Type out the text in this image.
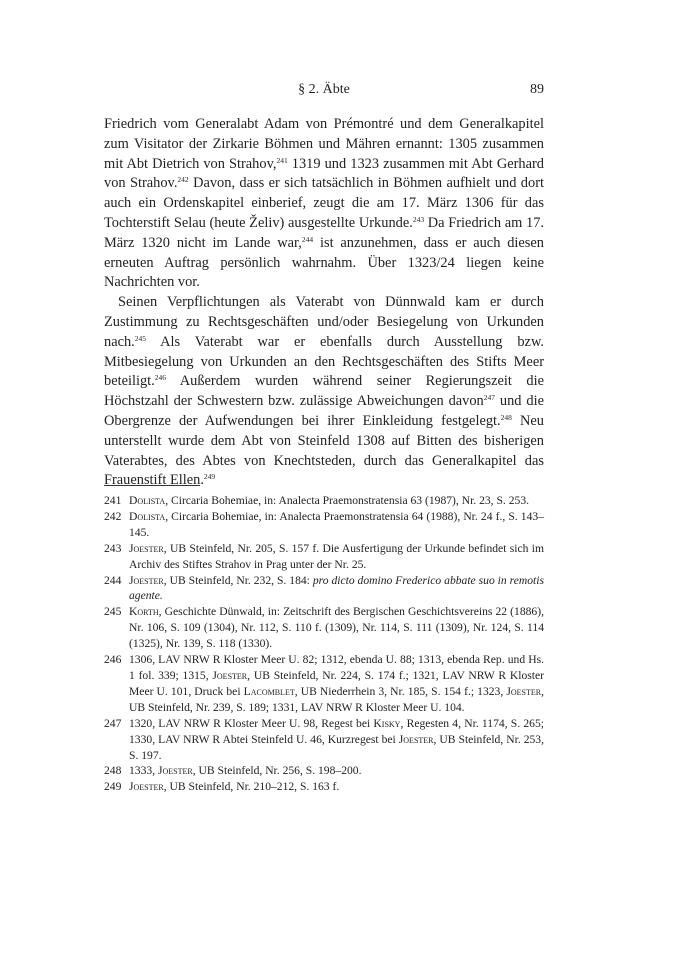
§ 2. Äbte	89

Friedrich vom Generalabt Adam von Prémontré und dem Generalkapitel zum Visitator der Zirkarie Böhmen und Mähren ernannt: 1305 zusammen mit Abt Dietrich von Strahov,$^{241}$ 1319 und 1323 zusammen mit Abt Gerhard von Strahov.$^{242}$ Davon, dass er sich tatsächlich in Böhmen aufhielt und dort auch ein Ordenskapitel einberief, zeugt die am 17. März 1306 für das Tochterstift Selau (heute Želiv) ausgestellte Urkunde.$^{243}$ Da Friedrich am 17. März 1320 nicht im Lande war,$^{244}$ ist anzunehmen, dass er auch diesen erneuten Auftrag persönlich wahrnahm. Über 1323/24 liegen keine Nachrichten vor.

Seinen Verpflichtungen als Vaterabt von Dünnwald kam er durch Zustimmung zu Rechtsgeschäften und/oder Besiegelung von Urkunden nach.$^{245}$ Als Vaterabt war er ebenfalls durch Ausstellung bzw. Mitbesiegelung von Urkunden an den Rechtsgeschäften des Stifts Meer beteiligt.$^{246}$ Außerdem wurden während seiner Regierungszeit die Höchstzahl der Schwestern bzw. zulässige Abweichungen davon$^{247}$ und die Obergrenze der Aufwendungen bei ihrer Einkleidung festgelegt.$^{248}$ Neu unterstellt wurde dem Abt von Steinfeld 1308 auf Bitten des bisherigen Vaterabtes, des Abtes von Knechtsteden, durch das Generalkapitel das Frauenstift Ellen.$^{249}$

241 Dolista, Circaria Bohemiae, in: Analecta Praemonstratensia 63 (1987), Nr. 23, S. 253.
242 Dolista, Circaria Bohemiae, in: Analecta Praemonstratensia 64 (1988), Nr. 24 f., S. 143–145.
243 Joester, UB Steinfeld, Nr. 205, S. 157 f. Die Ausfertigung der Urkunde befindet sich im Archiv des Stiftes Strahov in Prag unter der Nr. 25.
244 Joester, UB Steinfeld, Nr. 232, S. 184: pro dicto domino Frederico abbate suo in remotis agente.
245 Korth, Geschichte Dünwald, in: Zeitschrift des Bergischen Geschichtsvereins 22 (1886), Nr. 106, S. 109 (1304), Nr. 112, S. 110 f. (1309), Nr. 114, S. 111 (1309), Nr. 124, S. 114 (1325), Nr. 139, S. 118 (1330).
246 1306, LAV NRW R Kloster Meer U. 82; 1312, ebenda U. 88; 1313, ebenda Rep. und Hs. 1 fol. 339; 1315, Joester, UB Steinfeld, Nr. 224, S. 174 f.; 1321, LAV NRW R Kloster Meer U. 101, Druck bei Lacomblet, UB Niederrhein 3, Nr. 185, S. 154 f.; 1323, Joester, UB Steinfeld, Nr. 239, S. 189; 1331, LAV NRW R Kloster Meer U. 104.
247 1320, LAV NRW R Kloster Meer U. 98, Regest bei Kisky, Regesten 4, Nr. 1174, S. 265; 1330, LAV NRW R Abtei Steinfeld U. 46, Kurzregest bei Joester, UB Steinfeld, Nr. 253, S. 197.
248 1333, Joester, UB Steinfeld, Nr. 256, S. 198–200.
249 Joester, UB Steinfeld, Nr. 210–212, S. 163 f.
